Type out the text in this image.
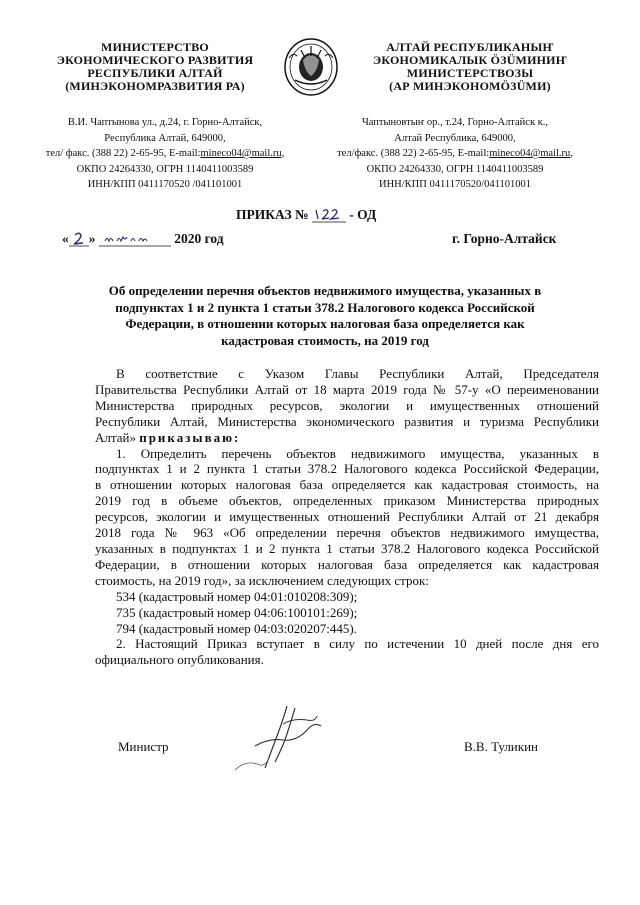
МИНИСТЕРСТВО
ЭКОНОМИЧЕСКОГО РАЗВИТИЯ
РЕСПУБЛИКИ АЛТАЙ
(МИНЭКОНОМРАЗВИТИЯ РА)
АЛТАЙ РЕСПУБЛИКАНЫҤ
ЭКОНОМИКАЛЫК ÖЗÜМИНИҤ
МИНИСТЕРСТВОЗЫ
(АР МИНЭКОНОМÖЗÜМИ)
В.И. Чаптынова ул., д.24, г. Горно-Алтайск,
Республика Алтай, 649000,
тел/ факс. (388 22) 2-65-95, E-mail:mineco04@mail.ru,
ОКПО 24264330, ОГРН 1140411003589
ИНН/КПП 0411170520 /041101001
Чаптыновтыҥ ор., т.24, Горно-Алтайск к.,
Алтай Республика, 649000,
тел/факс. (388 22) 2-65-95, E-mail:mineco04@mail.ru,
ОКПО 24264330, ОГРН 1140411003589
ИНН/КПП 0411170520/041101001
ПРИКАЗ №	- ОД
« »	2020 год	г. Горно-Алтайск
Об определении перечня объектов недвижимого имущества, указанных в
подпунктах 1 и 2 пункта 1 статьи 378.2 Налогового кодекса Российской
Федерации, в отношении которых налоговая база определяется как
кадастровая стоимость, на 2019 год
В соответствие с Указом Главы Республики Алтай, Председателя
Правительства Республики Алтай от 18 марта 2019 года № 57-у «О переименовании
Министерства природных ресурсов, экологии и имущественных отношений
Республики Алтай, Министерства экономического развития и туризма Республики
Алтай» приказываю:
1. Определить перечень объектов недвижимого имущества, указанных в
подпунктах 1 и 2 пункта 1 статьи 378.2 Налогового кодекса Российской Федерации,
в отношении которых налоговая база определяется как кадастровая стоимость, на
2019 год в объеме объектов, определенных приказом Министерства природных
ресурсов, экологии и имущественных отношений Республики Алтай от 21 декабря
2018 года № 963 «Об определении перечня объектов недвижимого имущества,
указанных в подпунктах 1 и 2 пункта 1 статьи 378.2 Налогового кодекса Российской
Федерации, в отношении которых налоговая база определяется как кадастровая
стоимость, на 2019 год», за исключением следующих строк:
534 (кадастровый номер 04:01:010208:309);
735 (кадастровый номер 04:06:100101:269);
794 (кадастровый номер 04:03:020207:445).
2. Настоящий Приказ вступает в силу по истечении 10 дней после дня его
официального опубликования.
Министр	В.В. Туликин
